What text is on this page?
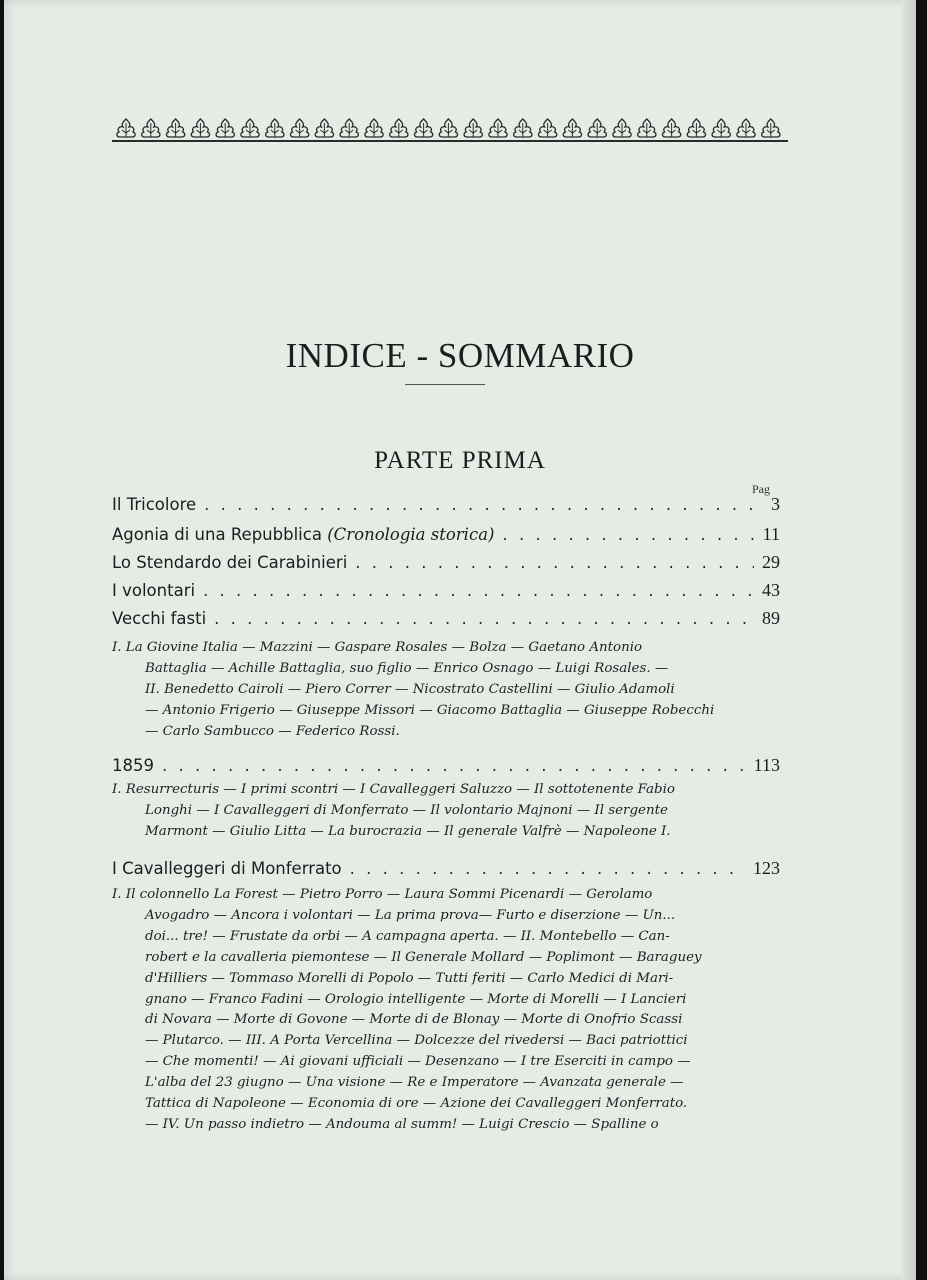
INDICE - SOMMARIO
PARTE PRIMA
Pag
Il Tricolore . . .	3
Agonia di una Repubblica (Cronologia storica) . . .	11
Lo Stendardo dei Carabinieri . . .	29
I volontari . . .	43
Vecchi fasti . . .	89
I. La Giovine Italia — Mazzini — Gaspare Rosales — Bolza — Gaetano Antonio
Battaglia — Achille Battaglia, suo figlio — Enrico Osnago — Luigi Rosales. —
II. Benedetto Cairoli — Piero Correr — Nicostrato Castellini — Giulio Adamoli
— Antonio Frigerio — Giuseppe Missori — Giacomo Battaglia — Giuseppe Robecchi
— Carlo Sambucco — Federico Rossi.
1859 . . .	113
I. Resurrecturis — I primi scontri — I Cavalleggeri Saluzzo — Il sottotenente Fabio
Longhi — I Cavalleggeri di Monferrato — Il volontario Majnoni — Il sergente
Marmont — Giulio Litta — La burocrazia — Il generale Valfrè — Napoleone I.
I Cavalleggeri di Monferrato . . .	123
I. Il colonnello La Forest — Pietro Porro — Laura Sommi Picenardi — Gerolamo
Avogadro — Ancora i volontari — La prima prova— Furto e diserzione — Un...
doi... tre! — Frustate da orbi — A campagna aperta. — II. Montebello — Can-
robert e la cavalleria piemontese — Il Generale Mollard — Poplimont — Baraguey
d'Hilliers — Tommaso Morelli di Popolo — Tutti feriti — Carlo Medici di Mari-
gnano — Franco Fadini — Orologio intelligente — Morte di Morelli — I Lancieri
di Novara — Morte di Govone — Morte di de Blonay — Morte di Onofrio Scassi
— Plutarco. — III. A Porta Vercellina — Dolcezze del rivedersi — Baci patriottici
— Che momenti! — Ai giovani ufficiali — Desenzano — I tre Eserciti in campo —
L'alba del 23 giugno — Una visione — Re e Imperatore — Avanzata generale —
Tattica di Napoleone — Economia di ore — Azione dei Cavalleggeri Monferrato.
— IV. Un passo indietro — Andouma al summ! — Luigi Crescio — Spalline o
